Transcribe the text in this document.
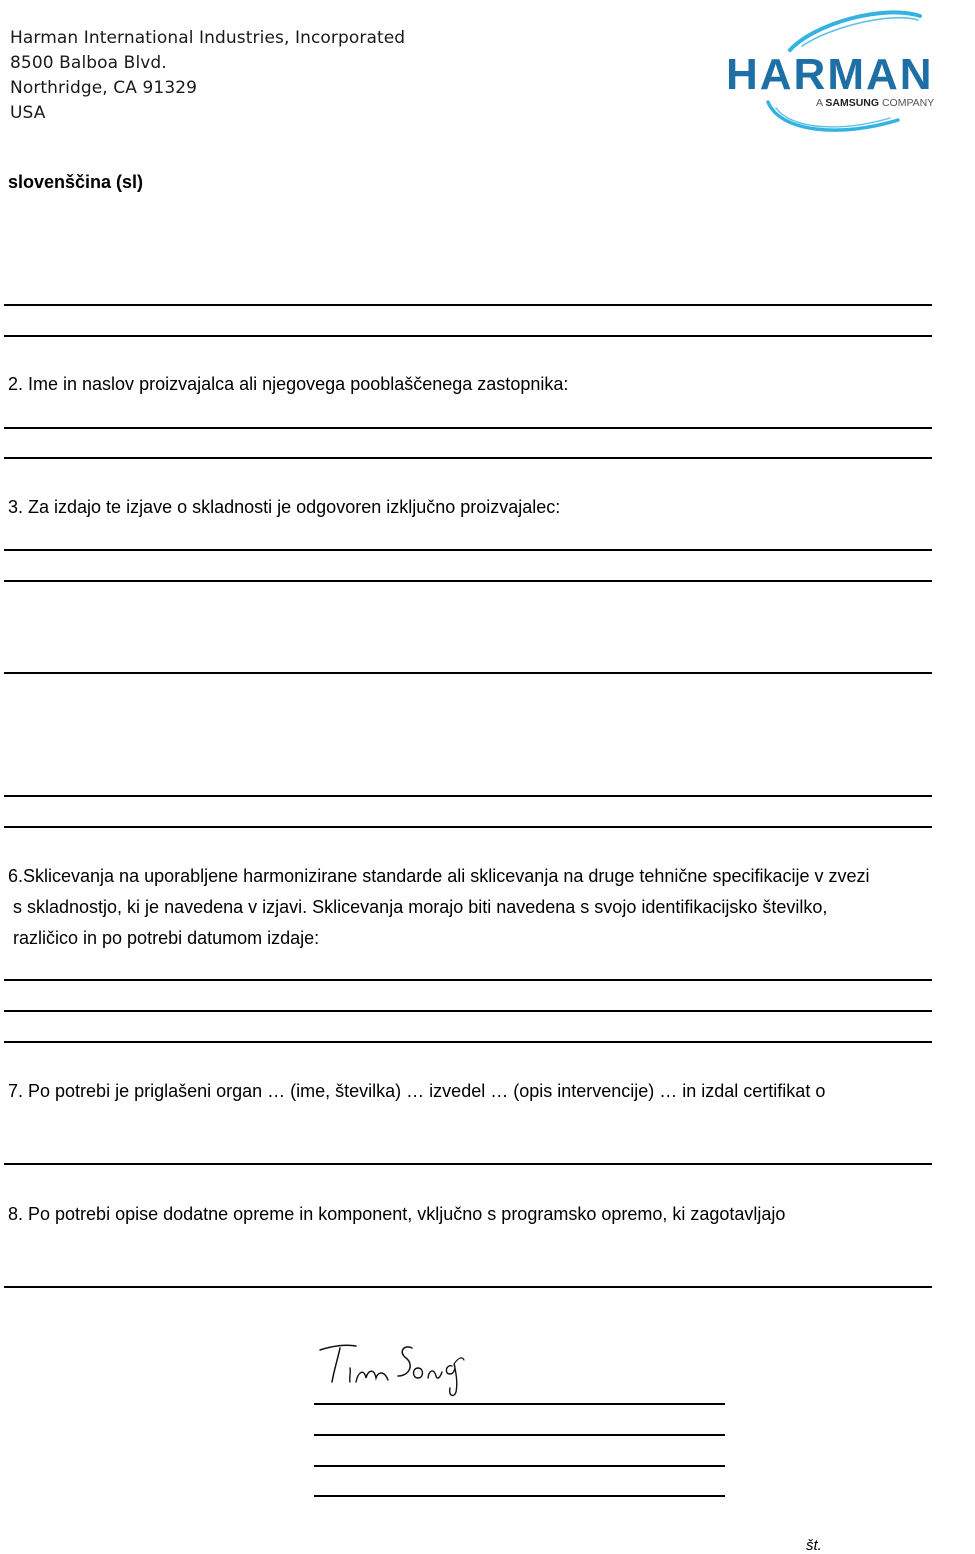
Harman International Industries, Incorporated
8500 Balboa Blvd.
Northridge, CA 91329
USA
HARMAN
A SAMSUNG COMPANY
slovenščina (sl)
2. Ime in naslov proizvajalca ali njegovega pooblaščenega zastopnika:
3. Za izdajo te izjave o skladnosti je odgovoren izključno proizvajalec:
6.Sklicevanja na uporabljene harmonizirane standarde ali sklicevanja na druge tehnične specifikacije v zvezi
s skladnostjo, ki je navedena v izjavi. Sklicevanja morajo biti navedena s svojo identifikacijsko številko,
različico in po potrebi datumom izdaje:
7. Po potrebi je priglašeni organ … (ime, številka) … izvedel … (opis intervencije) … in izdal certifikat o
8. Po potrebi opise dodatne opreme in komponent, vključno s programsko opremo, ki zagotavljajo
št.
